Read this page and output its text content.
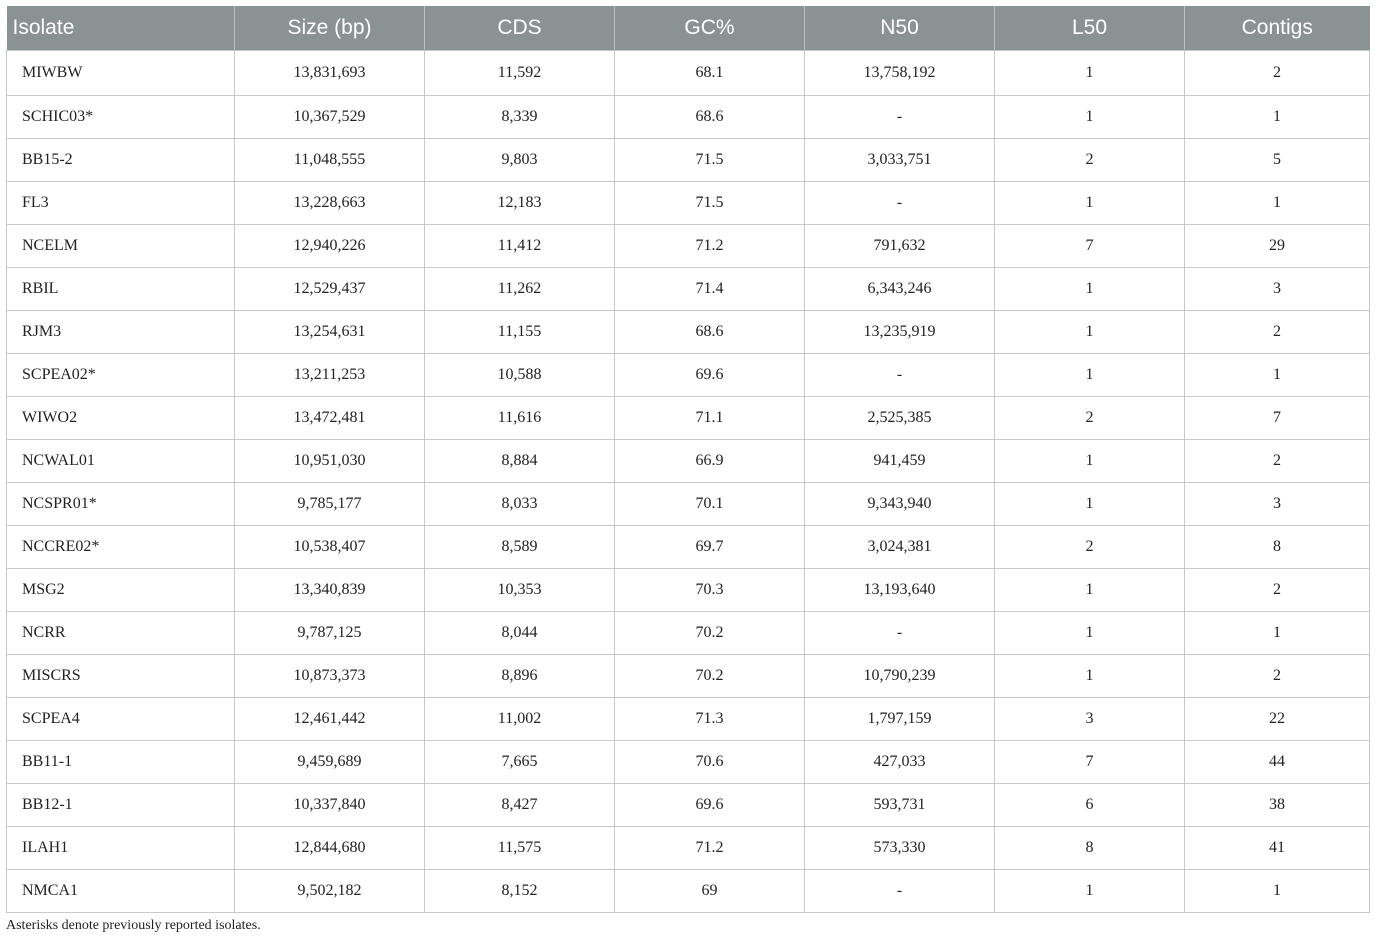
Isolate	Size (bp)	CDS	GC%	N50	L50	Contigs
MIWBW	13,831,693	11,592	68.1	13,758,192	1	2
SCHIC03*	10,367,529	8,339	68.6	-	1	1
BB15-2	11,048,555	9,803	71.5	3,033,751	2	5
FL3	13,228,663	12,183	71.5	-	1	1
NCELM	12,940,226	11,412	71.2	791,632	7	29
RBIL	12,529,437	11,262	71.4	6,343,246	1	3
RJM3	13,254,631	11,155	68.6	13,235,919	1	2
SCPEA02*	13,211,253	10,588	69.6	-	1	1
WIWO2	13,472,481	11,616	71.1	2,525,385	2	7
NCWAL01	10,951,030	8,884	66.9	941,459	1	2
NCSPR01*	9,785,177	8,033	70.1	9,343,940	1	3
NCCRE02*	10,538,407	8,589	69.7	3,024,381	2	8
MSG2	13,340,839	10,353	70.3	13,193,640	1	2
NCRR	9,787,125	8,044	70.2	-	1	1
MISCRS	10,873,373	8,896	70.2	10,790,239	1	2
SCPEA4	12,461,442	11,002	71.3	1,797,159	3	22
BB11-1	9,459,689	7,665	70.6	427,033	7	44
BB12-1	10,337,840	8,427	69.6	593,731	6	38
ILAH1	12,844,680	11,575	71.2	573,330	8	41
NMCA1	9,502,182	8,152	69	-	1	1
Asterisks denote previously reported isolates.
